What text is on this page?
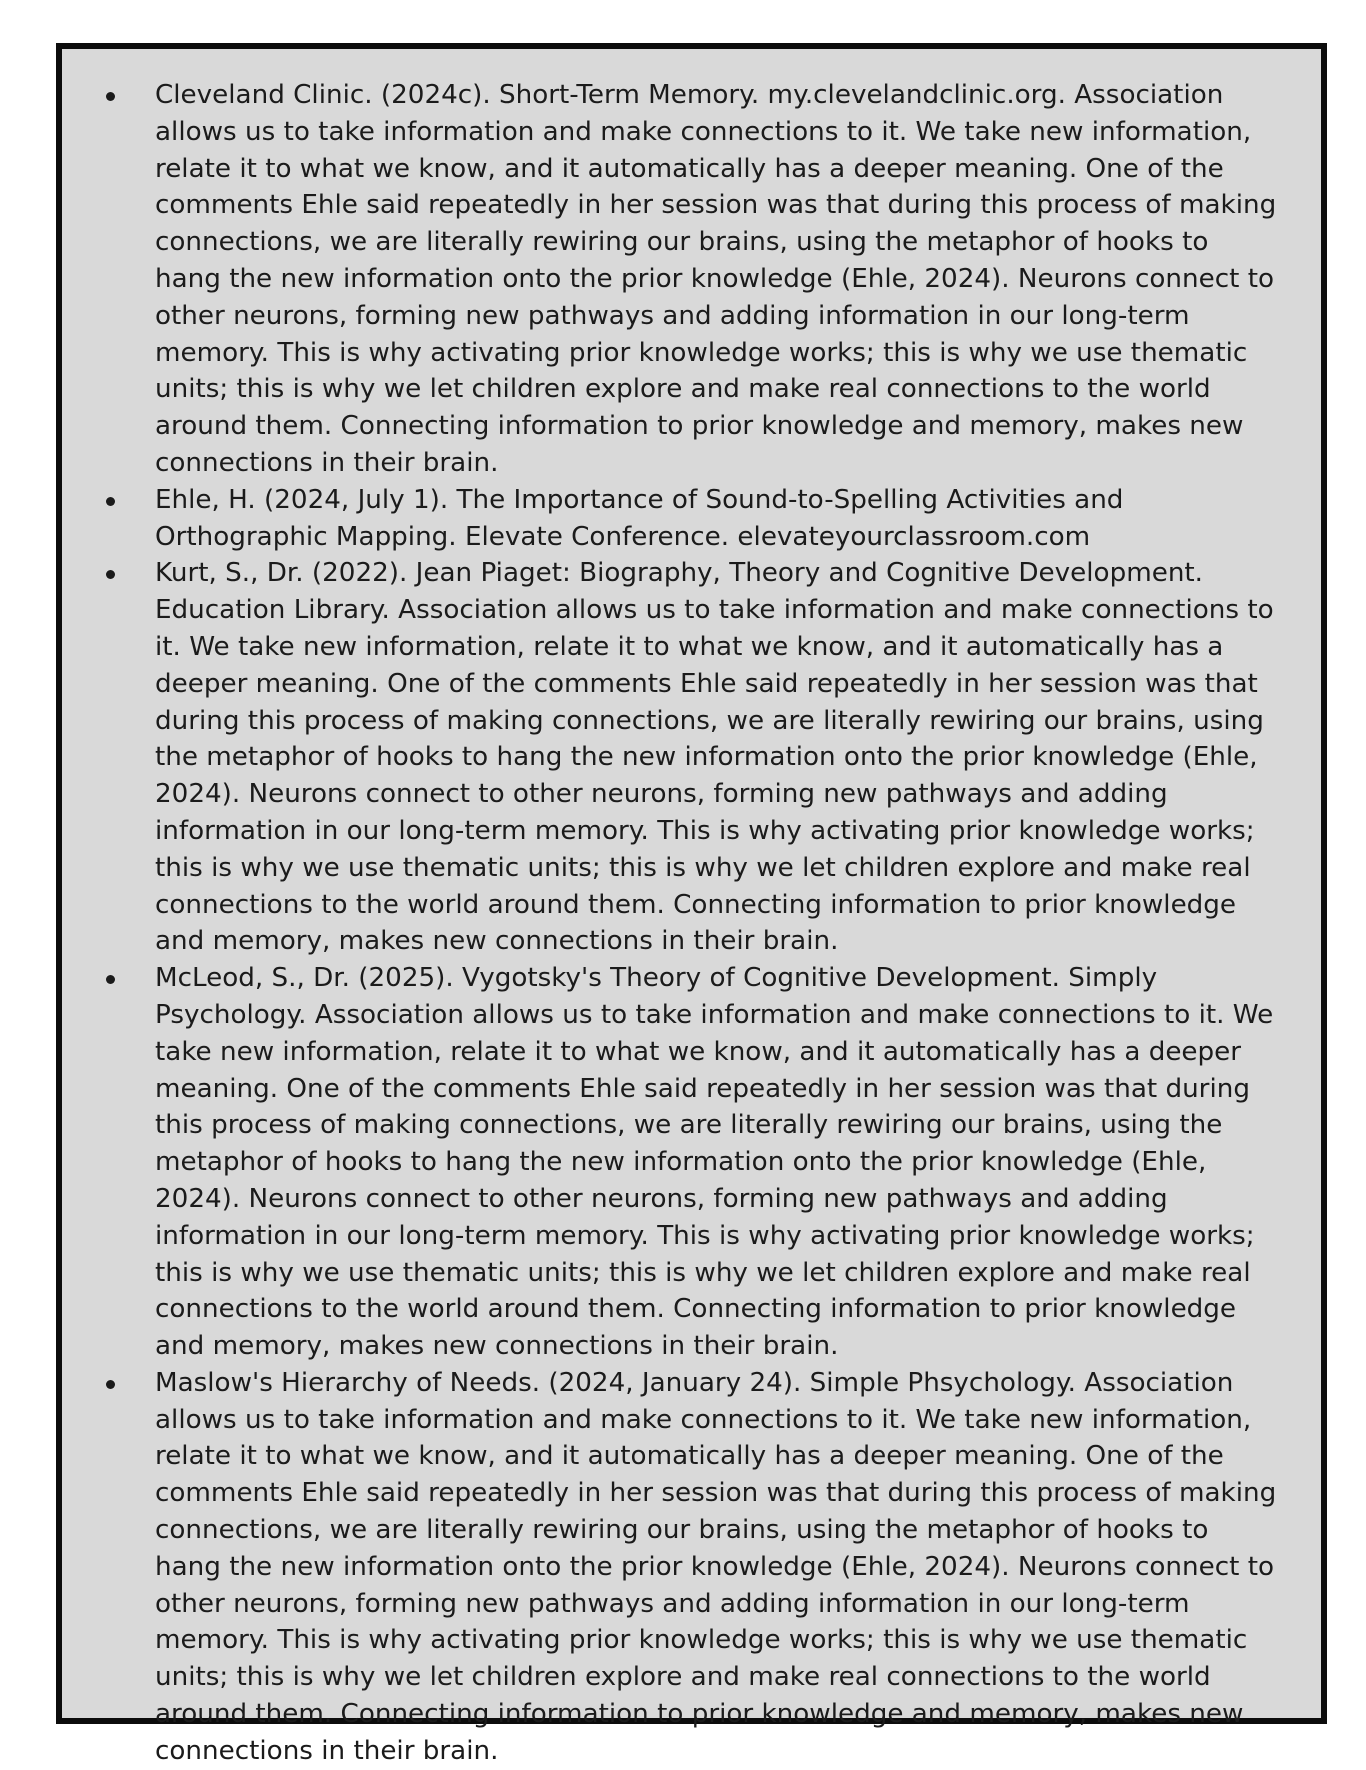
Cleveland Clinic. (2024c). Short-Term Memory. my.clevelandclinic.org. Association allows us to take information and make connections to it. We take new information, relate it to what we know, and it automatically has a deeper meaning. One of the comments Ehle said repeatedly in her session was that during this process of making connections, we are literally rewiring our brains, using the metaphor of hooks to hang the new information onto the prior knowledge (Ehle, 2024). Neurons connect to other neurons, forming new pathways and adding information in our long-term memory. This is why activating prior knowledge works; this is why we use thematic units; this is why we let children explore and make real connections to the world around them. Connecting information to prior knowledge and memory, makes new connections in their brain.
Ehle, H. (2024, July 1). The Importance of Sound-to-Spelling Activities and Orthographic Mapping. Elevate Conference. elevateyourclassroom.com
Kurt, S., Dr. (2022). Jean Piaget: Biography, Theory and Cognitive Development. Education Library. Association allows us to take information and make connections to it. We take new information, relate it to what we know, and it automatically has a deeper meaning. One of the comments Ehle said repeatedly in her session was that during this process of making connections, we are literally rewiring our brains, using the metaphor of hooks to hang the new information onto the prior knowledge (Ehle, 2024). Neurons connect to other neurons, forming new pathways and adding information in our long-term memory. This is why activating prior knowledge works; this is why we use thematic units; this is why we let children explore and make real connections to the world around them. Connecting information to prior knowledge and memory, makes new connections in their brain.
McLeod, S., Dr. (2025). Vygotsky's Theory of Cognitive Development. Simply Psychology. Association allows us to take information and make connections to it. We take new information, relate it to what we know, and it automatically has a deeper meaning. One of the comments Ehle said repeatedly in her session was that during this process of making connections, we are literally rewiring our brains, using the metaphor of hooks to hang the new information onto the prior knowledge (Ehle, 2024). Neurons connect to other neurons, forming new pathways and adding information in our long-term memory. This is why activating prior knowledge works; this is why we use thematic units; this is why we let children explore and make real connections to the world around them. Connecting information to prior knowledge and memory, makes new connections in their brain.
Maslow's Hierarchy of Needs. (2024, January 24). Simple Phsychology. Association allows us to take information and make connections to it. We take new information, relate it to what we know, and it automatically has a deeper meaning. One of the comments Ehle said repeatedly in her session was that during this process of making connections, we are literally rewiring our brains, using the metaphor of hooks to hang the new information onto the prior knowledge (Ehle, 2024). Neurons connect to other neurons, forming new pathways and adding information in our long-term memory. This is why activating prior knowledge works; this is why we use thematic units; this is why we let children explore and make real connections to the world around them. Connecting information to prior knowledge and memory, makes new connections in their brain.
